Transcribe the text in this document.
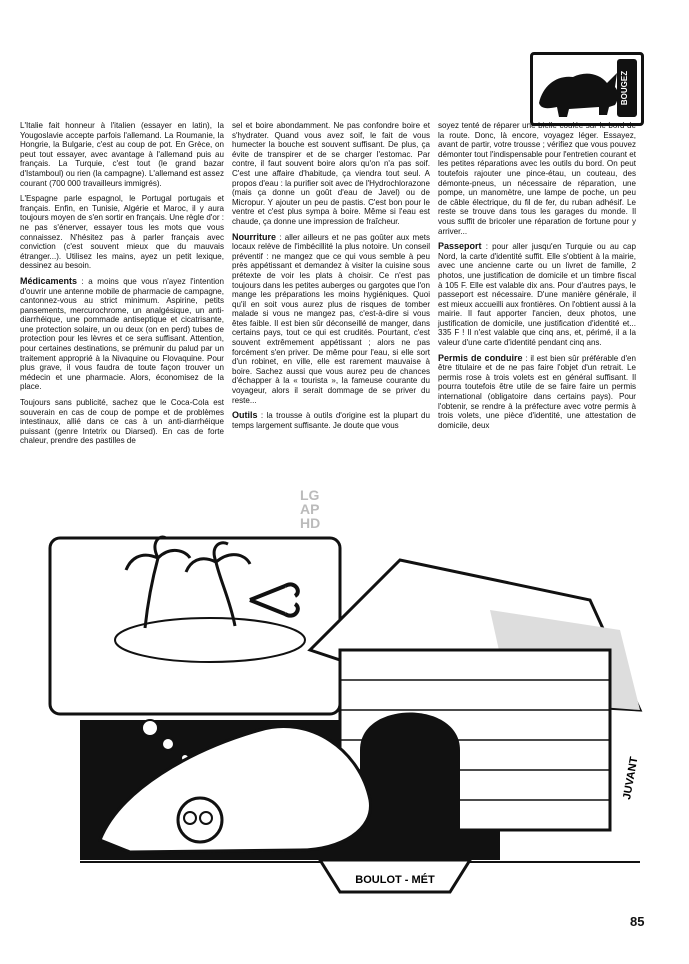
BOUGEZ

L'Italie fait honneur à l'italien (essayer en latin), la Yougoslavie accepte parfois l'allemand. La Roumanie, la Hongrie, la Bulgarie, c'est au coup de pot. En Grèce, on peut tout essayer, avec avantage à l'allemand puis au français. La Turquie, c'est tout (le grand bazar d'Istamboul) ou rien (la campagne). L'allemand est assez courant (700 000 travailleurs immigrés).

L'Espagne parle espagnol, le Portugal portugais et français. Enfin, en Tunisie, Algérie et Maroc, il y aura toujours moyen de s'en sortir en français. Une règle d'or : ne pas s'énerver, essayer tous les mots que vous connaissez. N'hésitez pas à parler français avec conviction (c'est souvent mieux que du mauvais étranger...). Utilisez les mains, ayez un petit lexique, dessinez au besoin.

Médicaments : a moins que vous n'ayez l'intention d'ouvrir une antenne mobile de pharmacie de campagne, cantonnez-vous au strict minimum. Aspirine, petits pansements, mercurochrome, un analgésique, un anti-diarrhéique, une pommade antiseptique et cicatrisante, une protection solaire, un ou deux (on en perd) tubes de protection pour les lèvres et ce sera suffisant. Attention, pour certaines destinations, se prémunir du palud par un traitement approprié à la Nivaquine ou Flovaquine. Pour plus grave, il vous faudra de toute façon trouver un médecin et une pharmacie. Alors, économisez de la place.

Toujours sans publicité, sachez que le Coca-Cola est souverain en cas de coup de pompe et de problèmes intestinaux, allié dans ce cas à un anti-diarrhéique puissant (genre Intetrix ou Diarsed). En cas de forte chaleur, prendre des pastilles de

sel et boire abondamment. Ne pas confondre boire et s'hydrater. Quand vous avez soif, le fait de vous humecter la bouche est souvent suffisant. De plus, ça évite de transpirer et de se charger l'estomac. Par contre, il faut souvent boire alors qu'on n'a pas soif. C'est une affaire d'habitude, ça viendra tout seul. A propos d'eau : la purifier soit avec de l'Hydrochlorazone (mais ça donne un goût d'eau de Javel) ou de Micropur. Y ajouter un peu de pastis. C'est bon pour le ventre et c'est plus sympa à boire. Même si l'eau est chaude, ça donne une impression de fraîcheur.

Nourriture : aller ailleurs et ne pas goûter aux mets locaux relève de l'imbécillité la plus notoire. Un conseil préventif : ne mangez que ce qui vous semble à peu près appétissant et demandez à visiter la cuisine sous prétexte de voir les plats à choisir. Ce n'est pas toujours dans les petites auberges ou gargotes que l'on mange les préparations les moins hygiéniques. Quoi qu'il en soit vous aurez plus de risques de tomber malade si vous ne mangez pas, c'est-à-dire si vous êtes faible. Il est bien sûr déconseillé de manger, dans certains pays, tout ce qui est crudités. Pourtant, c'est souvent extrêmement appétissant ; alors ne pas forcément s'en priver. De même pour l'eau, si elle sort d'un robinet, en ville, elle est rarement mauvaise à boire. Sachez aussi que vous aurez peu de chances d'échapper à la « tourista », la fameuse courante du voyageur, alors il serait dommage de se priver du reste...

Outils : la trousse à outils d'origine est la plupart du temps largement suffisante. Je doute que vous

soyez tenté de réparer une bielle coulée sur le bord de la route. Donc, là encore, voyagez léger. Essayez, avant de partir, votre trousse ; vérifiez que vous pouvez démonter tout l'indispensable pour l'entretien courant et les petites réparations avec les outils du bord. On peut toutefois rajouter une pince-étau, un couteau, des démonte-pneus, un nécessaire de réparation, une pompe, un manomètre, une lampe de poche, un peu de câble électrique, du fil de fer, du ruban adhésif. Le reste se trouve dans tous les garages du monde. Il vous suffit de bricoler une réparation de fortune pour y arriver...

Passeport : pour aller jusqu'en Turquie ou au cap Nord, la carte d'identité suffit. Elle s'obtient à la mairie, avec une ancienne carte ou un livret de famille, 2 photos, une justification de domicile et un timbre fiscal à 105 F. Elle est valable dix ans. Pour d'autres pays, le passeport est nécessaire. D'une manière générale, il est mieux accueilli aux frontières. On l'obtient aussi à la mairie. Il faut apporter l'ancien, deux photos, une justification de domicile, une justification d'identité et... 335 F ! Il n'est valable que cinq ans, et, périmé, il a la valeur d'une carte d'identité pendant cinq ans.

Permis de conduire : il est bien sûr préférable d'en être titulaire et de ne pas faire l'objet d'un retrait. Le permis rose à trois volets est en général suffisant. Il pourra toutefois être utile de se faire faire un permis international (obligatoire dans certains pays). Pour l'obtenir, se rendre à la préfecture avec votre permis à trois volets, une pièce d'identité, une attestation de domicile, deux

LG
AP
HD
BOULOT - MÉT
JUVANT
85
